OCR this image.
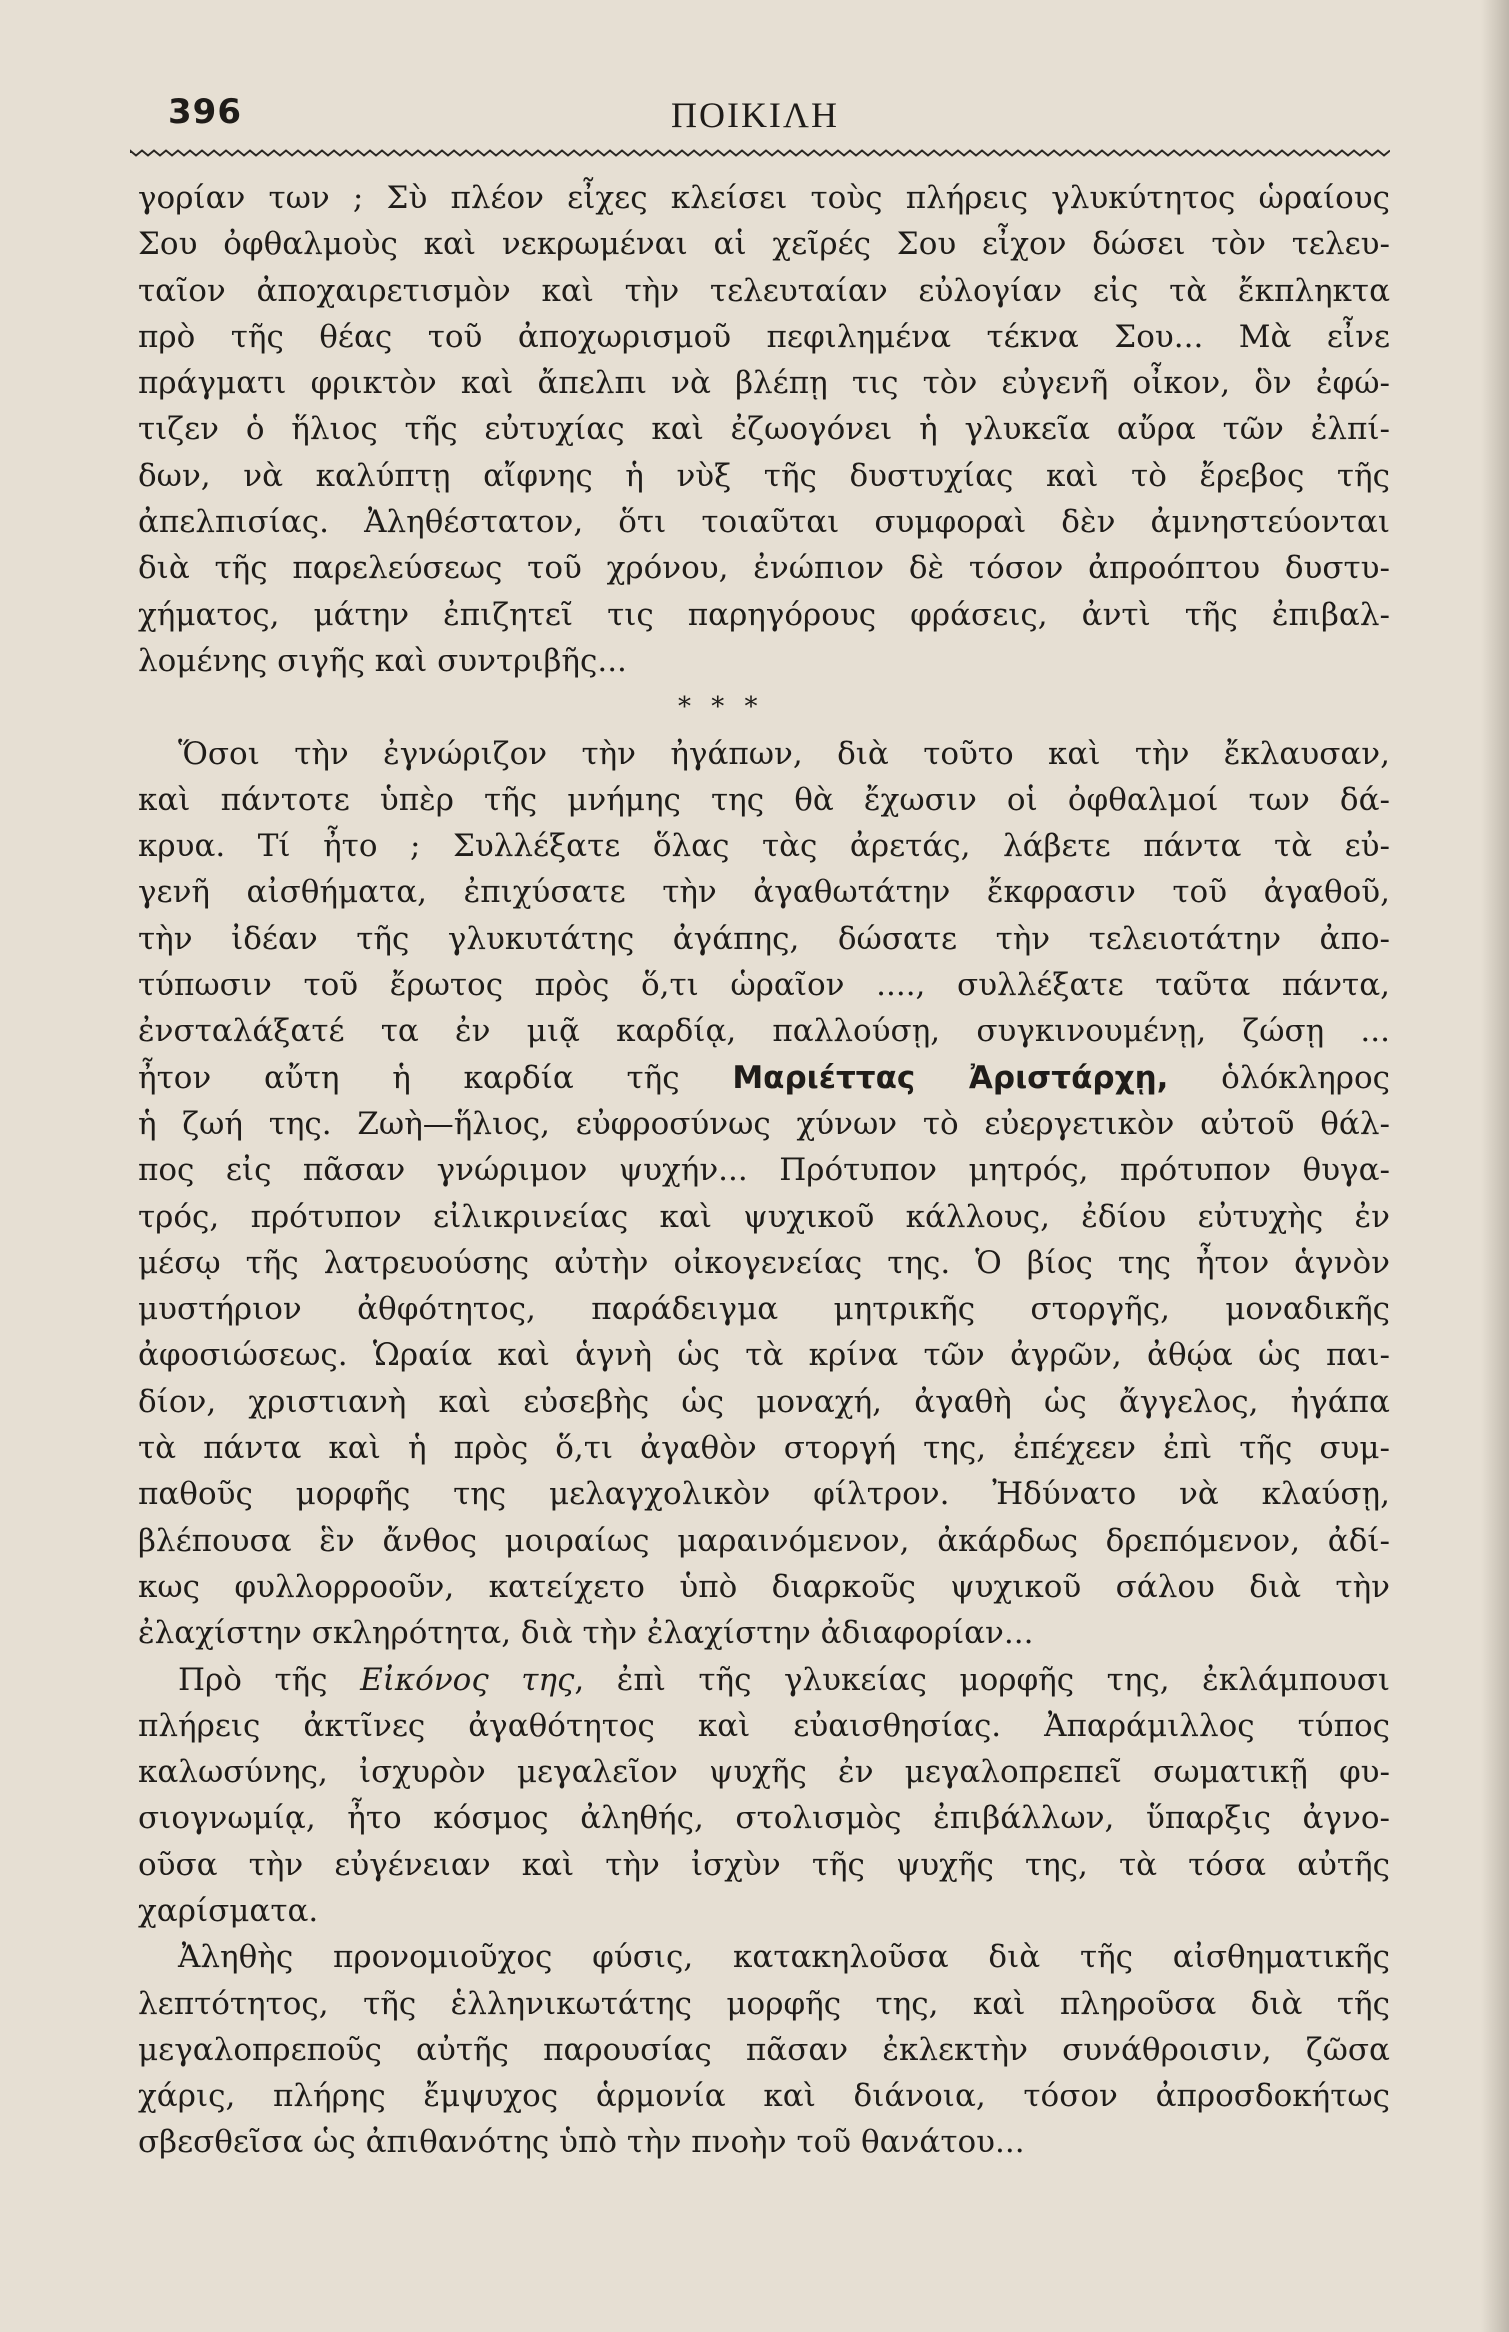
396	ΠΟΙΚΙΛΗ
γορίαν των ; Σὺ πλέον εἶχες κλείσει τοὺς πλήρεις γλυκύτητος ὡραίους
Σου ὀφθαλμοὺς καὶ νεκρωμέναι αἱ χεῖρές Σου εἶχον δώσει τὸν τελευ-
ταῖον ἀποχαιρετισμὸν καὶ τὴν τελευταίαν εὐλογίαν εἰς τὰ ἔκπληκτα
πρὸ τῆς θέας τοῦ ἀποχωρισμοῦ πεφιλημένα τέκνα Σου... Μὰ εἶνε
πράγματι φρικτὸν καὶ ἄπελπι νὰ βλέπῃ τις τὸν εὐγενῆ οἶκον, ὃν ἐφώ-
τιζεν ὁ ἥλιος τῆς εὐτυχίας καὶ ἐζωογόνει ἡ γλυκεῖα αὔρα τῶν ἐλπί-
δων, νὰ καλύπτῃ αἴφνης ἡ νὺξ τῆς δυστυχίας καὶ τὸ ἔρεβος τῆς
ἀπελπισίας. Ἀληθέστατον, ὅτι τοιαῦται συμφοραὶ δὲν ἀμνηστεύονται
διὰ τῆς παρελεύσεως τοῦ χρόνου, ἐνώπιον δὲ τόσον ἀπροόπτου δυστυ-
χήματος, μάτην ἐπιζητεῖ τις παρηγόρους φράσεις, ἀντὶ τῆς ἐπιβαλ-
λομένης σιγῆς καὶ συντριβῆς...
* * *
Ὅσοι τὴν ἐγνώριζον τὴν ἠγάπων, διὰ τοῦτο καὶ τὴν ἔκλαυσαν,
καὶ πάντοτε ὑπὲρ τῆς μνήμης της θὰ ἔχωσιν οἱ ὀφθαλμοί των δά-
κρυα. Τί ἦτο ; Συλλέξατε ὅλας τὰς ἀρετάς, λάβετε πάντα τὰ εὐ-
γενῆ αἰσθήματα, ἐπιχύσατε τὴν ἀγαθωτάτην ἔκφρασιν τοῦ ἀγαθοῦ,
τὴν ἰδέαν τῆς γλυκυτάτης ἀγάπης, δώσατε τὴν τελειοτάτην ἀπο-
τύπωσιν τοῦ ἔρωτος πρὸς ὅ,τι ὡραῖον ...., συλλέξατε ταῦτα πάντα,
ἐνσταλάξατέ τα ἐν μιᾷ καρδίᾳ, παλλούσῃ, συγκινουμένῃ, ζώσῃ ...
ἦτον αὔτη ἡ καρδία τῆς Μαριέττας Ἀριστάρχῃ, ὁλόκληρος
ἡ ζωή της. Ζωὴ—ἥλιος, εὐφροσύνως χύνων τὸ εὐεργετικὸν αὐτοῦ θάλ-
πος εἰς πᾶσαν γνώριμον ψυχήν... Πρότυπον μητρός, πρότυπον θυγα-
τρός, πρότυπον εἰλικρινείας καὶ ψυχικοῦ κάλλους, ἐδίου εὐτυχὴς ἐν
μέσῳ τῆς λατρευούσης αὐτὴν οἰκογενείας της. Ὁ βίος της ἦτον ἁγνὸν
μυστήριον ἀθφότητος, παράδειγμα μητρικῆς στοργῆς, μοναδικῆς
ἀφοσιώσεως. Ὡραία καὶ ἁγνὴ ὡς τὰ κρίνα τῶν ἀγρῶν, ἀθῴα ὡς παι-
δίον, χριστιανὴ καὶ εὐσεβὴς ὡς μοναχή, ἀγαθὴ ὡς ἄγγελος, ἠγάπα
τὰ πάντα καὶ ἡ πρὸς ὅ,τι ἀγαθὸν στοργή της, ἐπέχεεν ἐπὶ τῆς συμ-
παθοῦς μορφῆς της μελαγχολικὸν φίλτρον. Ἠδύνατο νὰ κλαύσῃ,
βλέπουσα ἓν ἄνθος μοιραίως μαραινόμενον, ἀκάρδως δρεπόμενον, ἀδί-
κως φυλλορροοῦν, κατείχετο ὑπὸ διαρκοῦς ψυχικοῦ σάλου διὰ τὴν
ἐλαχίστην σκληρότητα, διὰ τὴν ἐλαχίστην ἀδιαφορίαν...
Πρὸ τῆς Εἰκόνος της, ἐπὶ τῆς γλυκείας μορφῆς της, ἐκλάμπουσι
πλήρεις ἀκτῖνες ἀγαθότητος καὶ εὐαισθησίας. Ἀπαράμιλλος τύπος
καλωσύνης, ἰσχυρὸν μεγαλεῖον ψυχῆς ἐν μεγαλοπρεπεῖ σωματικῇ φυ-
σιογνωμίᾳ, ἦτο κόσμος ἀληθής, στολισμὸς ἐπιβάλλων, ὕπαρξις ἀγνο-
οῦσα τὴν εὐγένειαν καὶ τὴν ἰσχὺν τῆς ψυχῆς της, τὰ τόσα αὐτῆς
χαρίσματα.
Ἀληθὴς προνομιοῦχος φύσις, κατακηλοῦσα διὰ τῆς αἰσθηματικῆς
λεπτότητος, τῆς ἑλληνικωτάτης μορφῆς της, καὶ πληροῦσα διὰ τῆς
μεγαλοπρεποῦς αὐτῆς παρουσίας πᾶσαν ἐκλεκτὴν συνάθροισιν, ζῶσα
χάρις, πλήρης ἔμψυχος ἁρμονία καὶ διάνοια, τόσον ἀπροσδοκήτως
σβεσθεῖσα ὡς ἀπιθανότης ὑπὸ τὴν πνοὴν τοῦ θανάτου...
